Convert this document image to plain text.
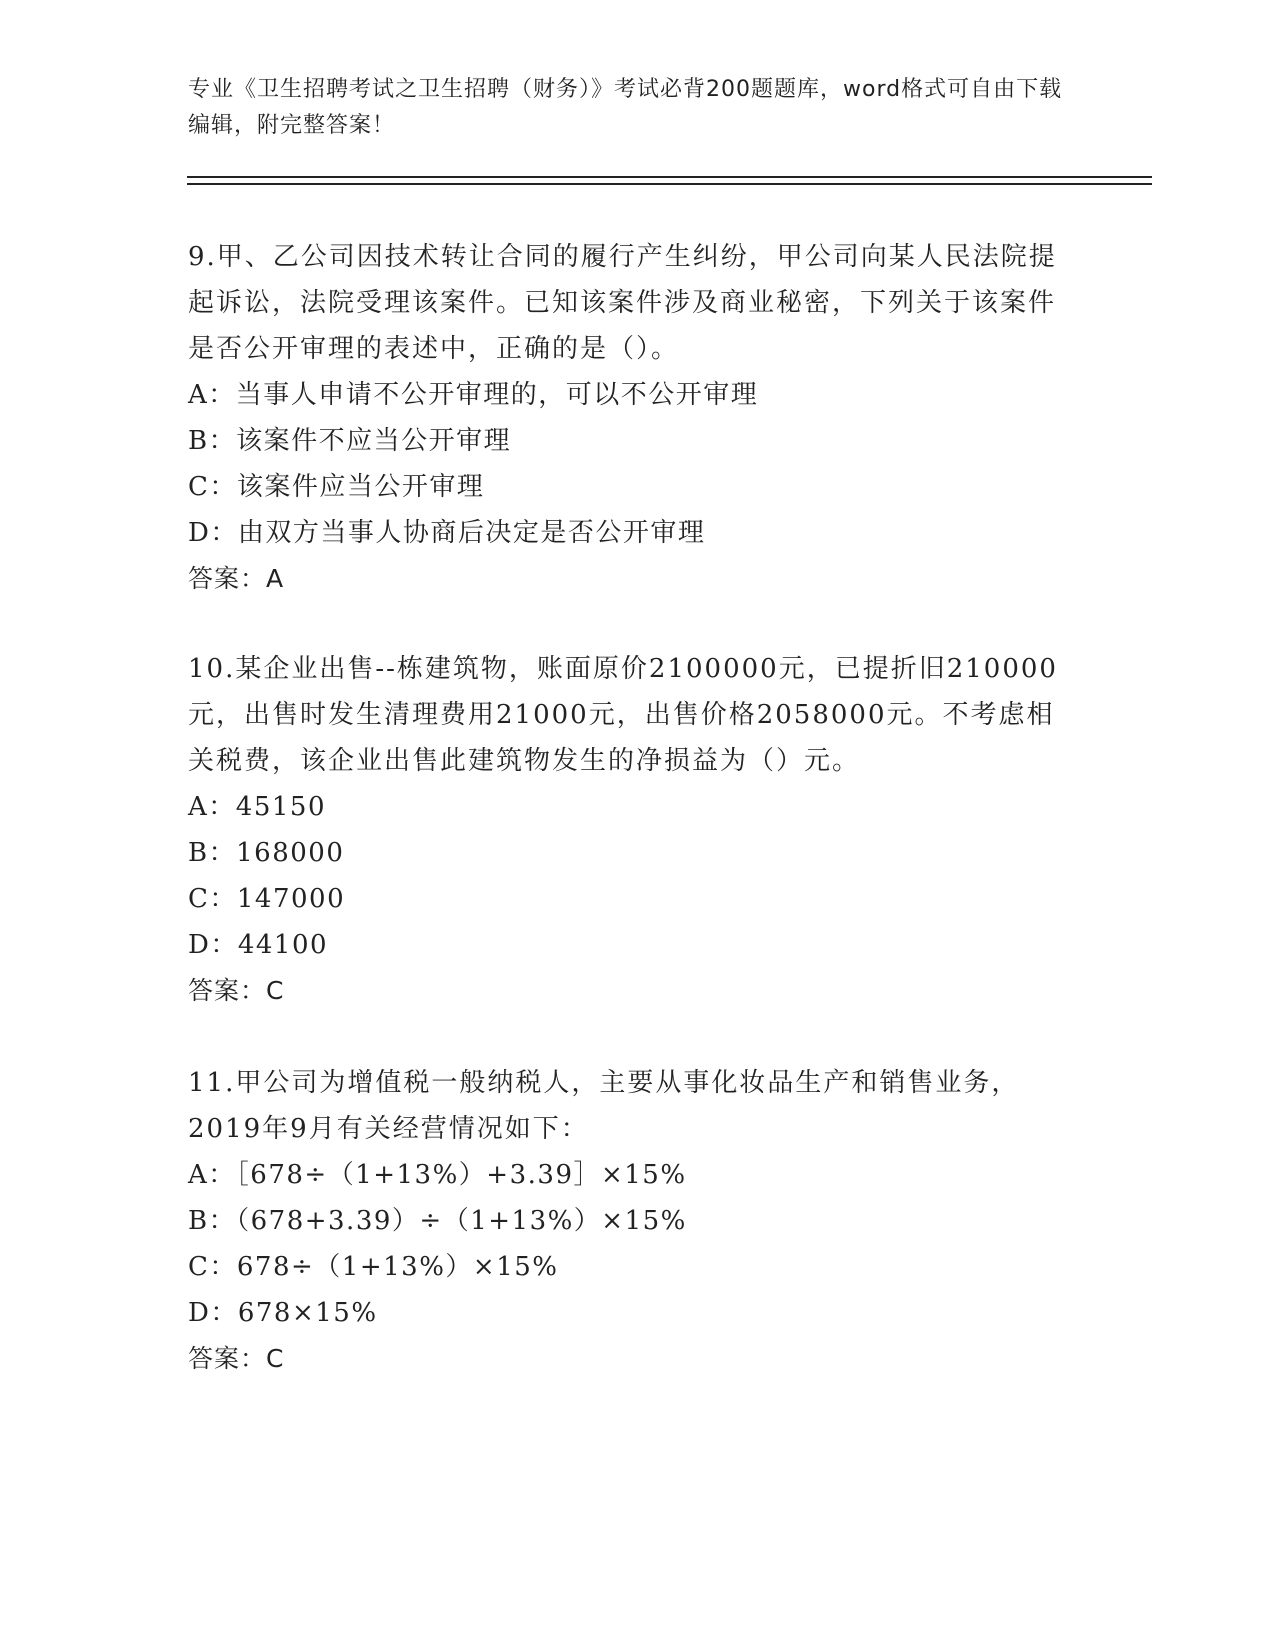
专业《卫生招聘考试之卫生招聘（财务）》考试必背200题题库，word格式可自由下载编辑，附完整答案！
9.甲、乙公司因技术转让合同的履行产生纠纷，甲公司向某人民法院提起诉讼，法院受理该案件。已知该案件涉及商业秘密，下列关于该案件是否公开审理的表述中，正确的是（）。
A：当事人申请不公开审理的，可以不公开审理
B：该案件不应当公开审理
C：该案件应当公开审理
D：由双方当事人协商后决定是否公开审理
答案：A
10.某企业出售--栋建筑物，账面原价2100000元，已提折旧210000元，出售时发生清理费用21000元，出售价格2058000元。不考虑相关税费，该企业出售此建筑物发生的净损益为（）元。
A：45150
B：168000
C：147000
D：44100
答案：C
11.甲公司为增值税一般纳税人，主要从事化妆品生产和销售业务，2019年9月有关经营情况如下：
A：［678÷（1+13%）+3.39］×15%
B：（678+3.39）÷（1+13%）×15%
C：678÷（1+13%）×15%
D：678×15%
答案：C
